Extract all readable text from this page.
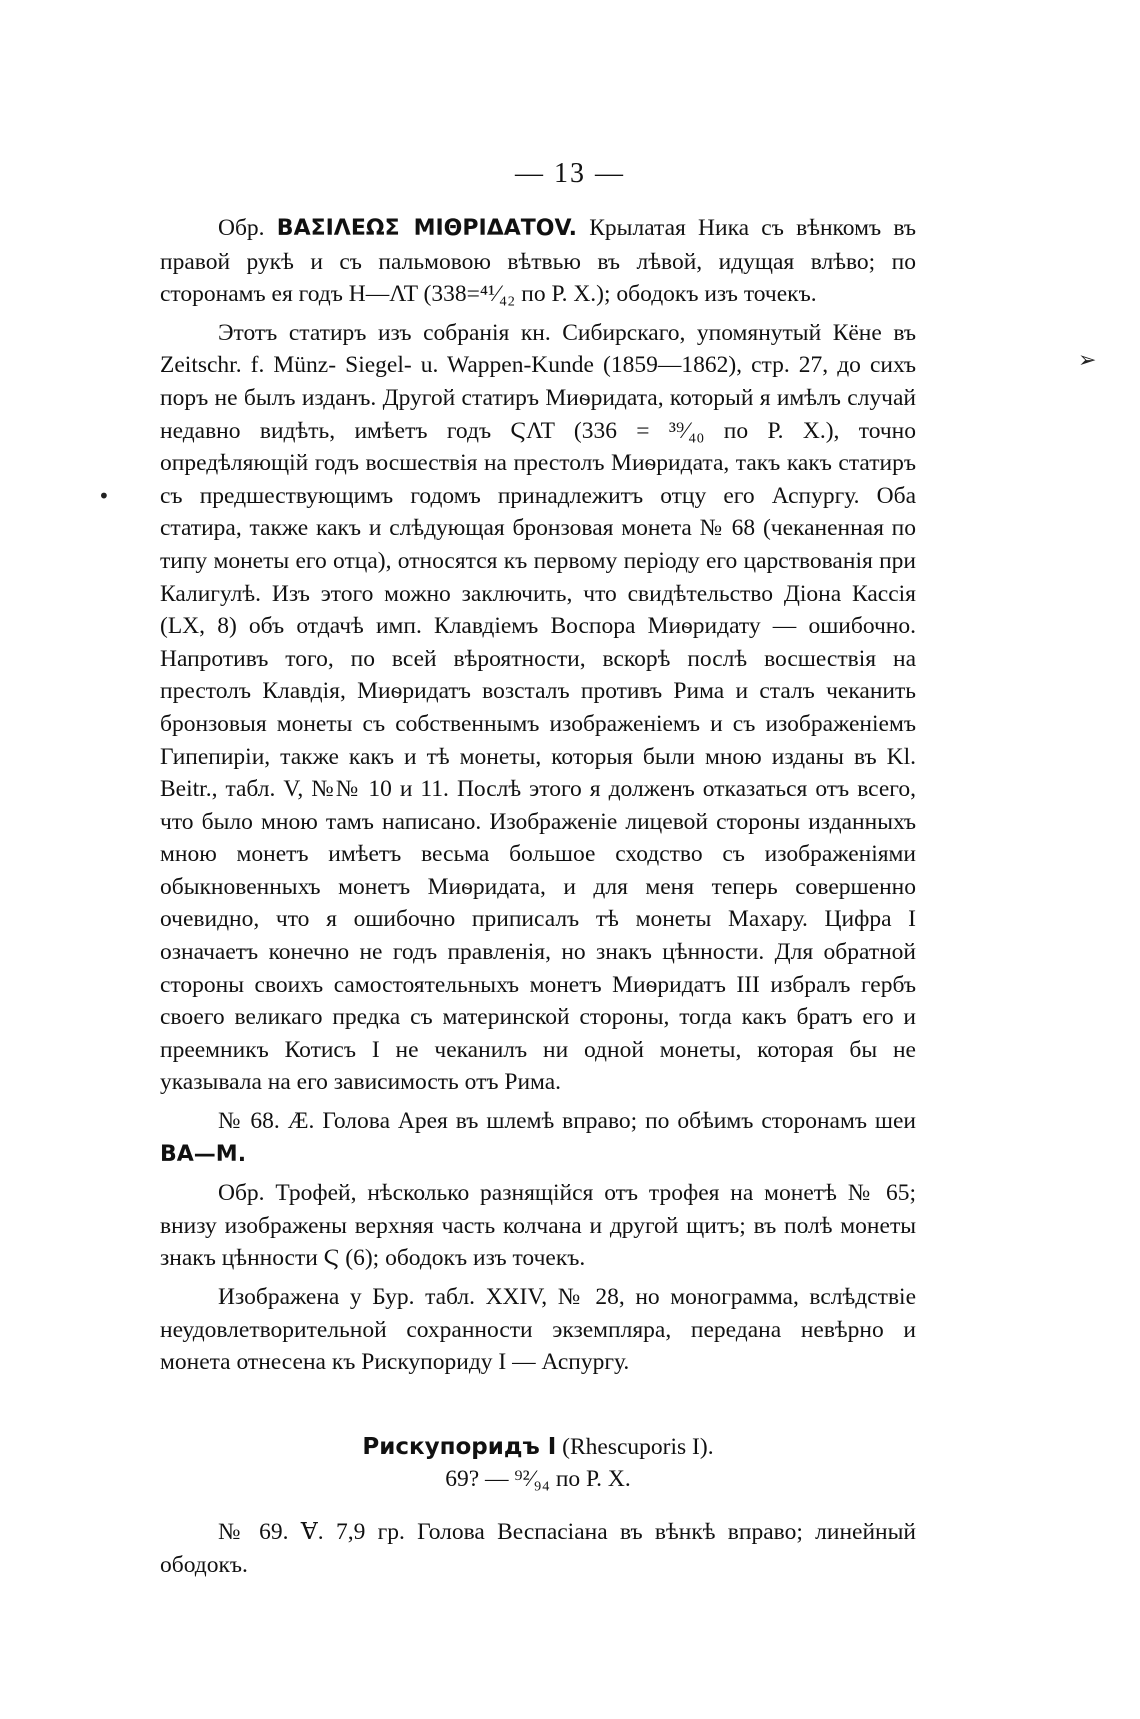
— 13 —

Обр. ΒΑΣΙΛΕΩΣ ΜΙΘΡΙΔΑΤΟV. Крылатая Ника съ вѣнкомъ въ правой рукѣ и съ пальмовою вѣтвью въ лѣвой, идущая влѣво; по сторонамъ ея годъ Η—ΛΤ (338=⁴¹⁄₄₂ по Р. Х.); ободокъ изъ точекъ.

Этотъ статиръ изъ собранія кн. Сибирскаго, упомянутый Кёне въ Zeitschr. f. Münz- Siegel- u. Wappen-Kunde (1859—1862), стр. 27, до сихъ поръ не былъ изданъ. Другой статиръ Миѳридата, который я имѣлъ случай недавно видѣть, имѣетъ годъ ϚΛΤ (336 = ³⁹⁄₄₀ по Р. Х.), точно опредѣляющій годъ восшествія на престолъ Миѳридата, такъ какъ статиръ съ предшествующимъ годомъ принадлежитъ отцу его Аспургу. Оба статира, также какъ и слѣдующая бронзовая монета № 68 (чеканенная по типу монеты его отца), относятся къ первому періоду его царствованія при Калигулѣ. Изъ этого можно заключить, что свидѣтельство Діона Кассія (LX, 8) объ отдачѣ имп. Клавдіемъ Воспора Миѳридату — ошибочно. Напротивъ того, по всей вѣроятности, вскорѣ послѣ восшествія на престолъ Клавдія, Миѳридатъ возсталъ противъ Рима и сталъ чеканить бронзовыя монеты съ собственнымъ изображеніемъ и съ изображеніемъ Гипепиріи, также какъ и тѣ монеты, которыя были мною изданы въ Kl. Beitr., табл. V, №№ 10 и 11. Послѣ этого я долженъ отказаться отъ всего, что было мною тамъ написано. Изображеніе лицевой стороны изданныхъ мною монетъ имѣетъ весьма большое сходство съ изображеніями обыкновенныхъ монетъ Миѳридата, и для меня теперь совершенно очевидно, что я ошибочно приписалъ тѣ монеты Махару. Цифра Ι означаетъ конечно не годъ правленія, но знакъ цѣнности. Для обратной стороны своихъ самостоятельныхъ монетъ Миѳридатъ III избралъ гербъ своего великаго предка съ материнской стороны, тогда какъ братъ его и преемникъ Котисъ I не чеканилъ ни одной монеты, которая бы не указывала на его зависимость отъ Рима.

№ 68. Æ. Голова Арея въ шлемѣ вправо; по обѣимъ сторонамъ шеи ΒΑ—Μ.

Обр. Трофей, нѣсколько разнящійся отъ трофея на монетѣ № 65; внизу изображены верхняя часть колчана и другой щитъ; въ полѣ монеты знакъ цѣнности Ϛ (6); ободокъ изъ точекъ.

Изображена у Бур. табл. XXIV, № 28, но монограмма, вслѣдствіе неудовлетворительной сохранности экземпляра, передана невѣрно и монета отнесена къ Рискупориду I — Аспургу.

Рискупоридъ I (Rhescuporis I).
69? — ⁹²⁄₉₄ по Р. Х.

№ 69. Ɐ. 7,9 гр. Голова Веспасіана въ вѣнкѣ вправо; линейный ободокъ.

➢
•
